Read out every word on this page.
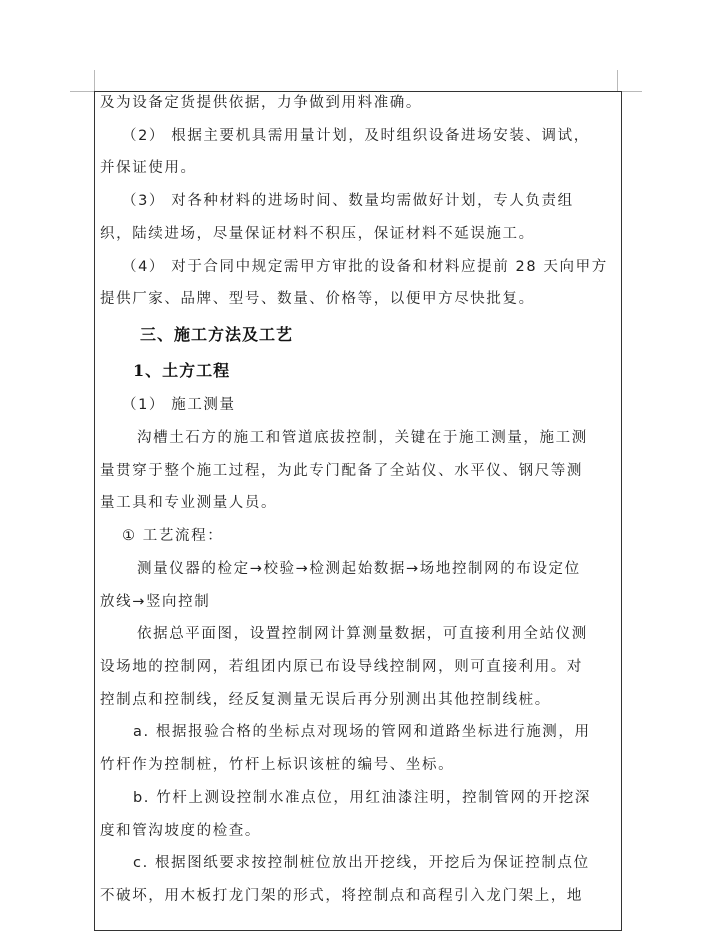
及为设备定货提供依据，力争做到用料准确。
（2） 根据主要机具需用量计划，及时组织设备进场安装、调试，
并保证使用。
（3） 对各种材料的进场时间、数量均需做好计划，专人负责组
织，陆续进场，尽量保证材料不积压，保证材料不延误施工。
（4） 对于合同中规定需甲方审批的设备和材料应提前 28 天向甲方
提供厂家、品牌、型号、数量、价格等，以便甲方尽快批复。
三、施工方法及工艺
1、土方工程
（1） 施工测量
沟槽土石方的施工和管道底拔控制，关键在于施工测量，施工测
量贯穿于整个施工过程，为此专门配备了全站仪、水平仪、钢尺等测
量工具和专业测量人员。
① 工艺流程：
测量仪器的检定→校验→检测起始数据→场地控制网的布设定位
放线→竖向控制
依据总平面图，设置控制网计算测量数据，可直接利用全站仪测
设场地的控制网，若组团内原已布设导线控制网，则可直接利用。对
控制点和控制线，经反复测量无误后再分别测出其他控制线桩。
a. 根据报验合格的坐标点对现场的管网和道路坐标进行施测，用
竹杆作为控制桩，竹杆上标识该桩的编号、坐标。
b. 竹杆上测设控制水准点位，用红油漆注明，控制管网的开挖深
度和管沟坡度的检查。
c. 根据图纸要求按控制桩位放出开挖线，开挖后为保证控制点位
不破坏，用木板打龙门架的形式，将控制点和高程引入龙门架上，地
